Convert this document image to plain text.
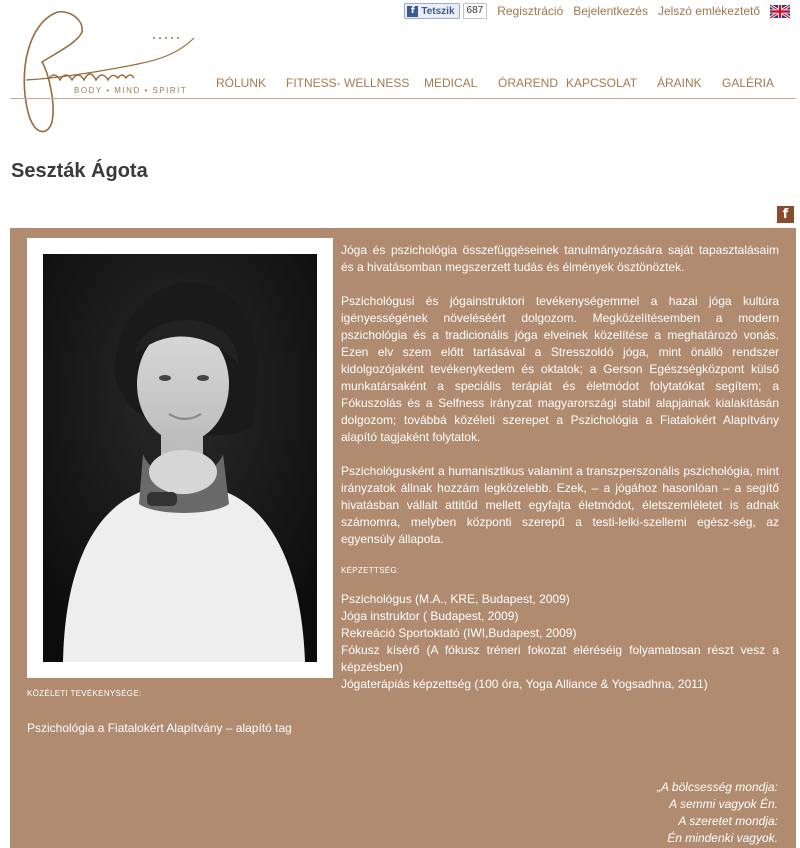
BODY • MIND • SPIRIT
f Tetszik	687	Regisztráció Bejelentkezés Jelszó emlékeztető
RÓLUNK FITNESS- WELLNESS MEDICAL ÓRAREND KAPCSOLAT ÁRAINK GALÉRIA
Seszták Ágota
f

Jóga és pszichológia összefüggéseinek tanulmányozására saját tapasztalásaim és a hivatásomban megszerzett tudás és élmények ösztönöztek.

Pszichológusi és jógainstruktori tevékenységemmel a hazai jóga kultúra igényességének növeléséért dolgozom. Megközelítésemben a modern pszichológia és a tradicionális jóga elveinek közelítése a meghatározó vonás. Ezen elv szem előtt tartásával a Stresszoldó jóga, mint önálló rendszer kidolgozójaként tevékenykedem és oktatok; a Gerson Egészségközpont külső munkatársaként a speciális terápiát és életmódot folytatókat segítem; a Fókuszolás és a Selfness irányzat magyarországi stabil alapjainak kialakításán dolgozom; továbbá közéleti szerepet a Pszichológia a Fiatalokért Alapítvány alapító tagjaként folytatok.

Pszichológusként a humanisztikus valamint a transzperszonális pszichológia, mint irányzatok állnak hozzám legközelebb. Ezek, – a jógához hasonlóan – a segítő hivatásban vállalt attitűd mellett egyfajta életmódot, életszemléletet is adnak számomra, melyben központi szerepű a testi-lelki-szellemi egész-ség, az egyensúly állapota.

KÉPZETTSÉG:
Pszichológus (M.A., KRE, Budapest, 2009)
Jóga instruktor ( Budapest, 2009)
Rekreáció Sportoktató (IWI,Budapest, 2009)
Fókusz kísérő (A fókusz tréneri fokozat eléréséig folyamatosan részt vesz a képzésben)
Jógaterápiás képzettség (100 óra, Yoga Alliance & Yogsadhna, 2011)
KÖZÉLETI TEVÉKENYSÉGE:
Pszichológia a Fiatalokért Alapítvány – alapító tag
„A bölcsesség mondja:
A semmi vagyok Én.
A szeretet mondja:
Én mindenki vagyok.
